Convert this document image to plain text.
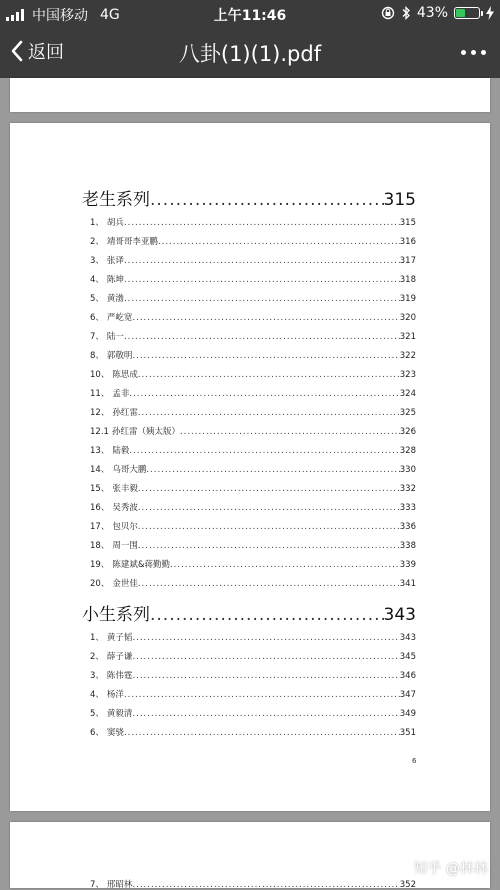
中国移动 4G	上午11:46	43%
返回	八卦(1)(1).pdf
老生系列 .....	315
1、 胡兵 .....	315
2、 靖哥哥李亚鹏 .....	316
3、 张译 .....	317
4、 陈坤 .....	318
5、 黄渤 .....	319
6、 严屹宽 .....	320
7、 陆一 .....	321
8、 郭敬明 .....	322
10、 陈思成 .....	323
11、 孟非 .....	324
12、 孙红雷 .....	325
12.1 孙红雷（姨太版） .....	326
13、 陆毅 .....	328
14、 乌哥大鹏 .....	330
15、 张丰毅 .....	332
16、 吴秀波 .....	333
17、 包贝尔 .....	336
18、 周一围 .....	338
19、 陈建斌&蒋勤勤 .....	339
20、 金世佳 .....	341
小生系列 .....	343
1、 黄子韬 .....	343
2、 薛子谦 .....	345
3、 陈伟霆 .....	346
4、 杨洋 .....	347
5、 黄毅清 .....	349
6、 窦骁 .....	351
6
7、 邢昭林 .....	352
知乎 @林林
